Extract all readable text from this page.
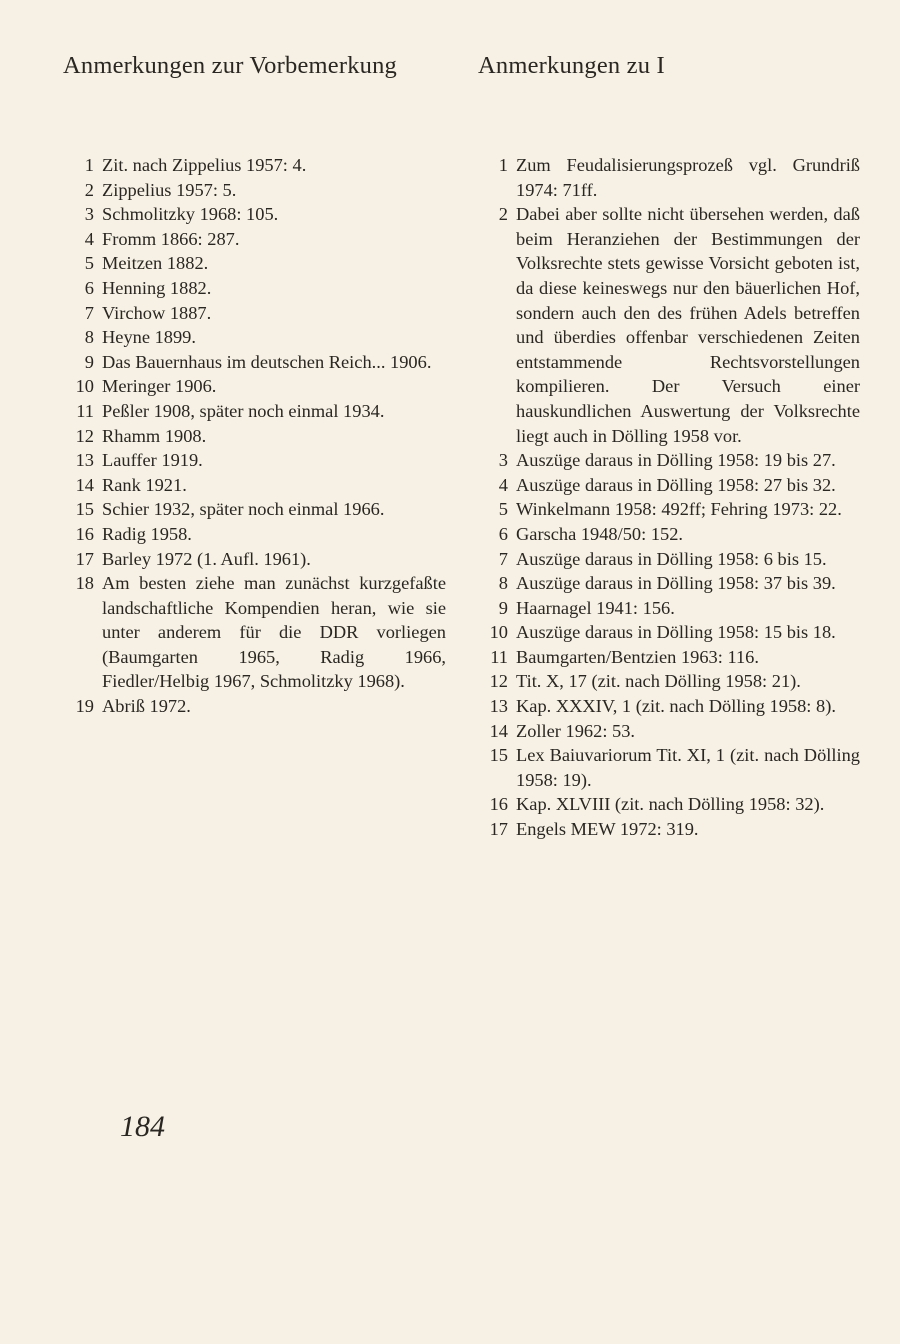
Anmerkungen zur Vorbemerkung	Anmerkungen zu I
1 Zit. nach Zippelius 1957: 4.
2 Zippelius 1957: 5.
3 Schmolitzky 1968: 105.
4 Fromm 1866: 287.
5 Meitzen 1882.
6 Henning 1882.
7 Virchow 1887.
8 Heyne 1899.
9 Das Bauernhaus im deutschen Reich... 1906.
10 Meringer 1906.
11 Peßler 1908, später noch einmal 1934.
12 Rhamm 1908.
13 Lauffer 1919.
14 Rank 1921.
15 Schier 1932, später noch einmal 1966.
16 Radig 1958.
17 Barley 1972 (1. Aufl. 1961).
18 Am besten ziehe man zunächst kurzgefaßte landschaftliche Kompendien heran, wie sie unter anderem für die DDR vorliegen (Baumgarten 1965, Radig 1966, Fiedler/Helbig 1967, Schmolitzky 1968).
19 Abriß 1972.
1 Zum Feudalisierungsprozeß vgl. Grundriß 1974: 71ff.
2 Dabei aber sollte nicht übersehen werden, daß beim Heranziehen der Bestimmungen der Volksrechte stets gewisse Vorsicht geboten ist, da diese keineswegs nur den bäuerlichen Hof, sondern auch den des frühen Adels betreffen und überdies offenbar verschiedenen Zeiten entstammende Rechtsvorstellungen kompilieren. Der Versuch einer hauskundlichen Auswertung der Volksrechte liegt auch in Dölling 1958 vor.
3 Auszüge daraus in Dölling 1958: 19 bis 27.
4 Auszüge daraus in Dölling 1958: 27 bis 32.
5 Winkelmann 1958: 492ff; Fehring 1973: 22.
6 Garscha 1948/50: 152.
7 Auszüge daraus in Dölling 1958: 6 bis 15.
8 Auszüge daraus in Dölling 1958: 37 bis 39.
9 Haarnagel 1941: 156.
10 Auszüge daraus in Dölling 1958: 15 bis 18.
11 Baumgarten/Bentzien 1963: 116.
12 Tit. X, 17 (zit. nach Dölling 1958: 21).
13 Kap. XXXIV, 1 (zit. nach Dölling 1958: 8).
14 Zoller 1962: 53.
15 Lex Baiuvariorum Tit. XI, 1 (zit. nach Dölling 1958: 19).
16 Kap. XLVIII (zit. nach Dölling 1958: 32).
17 Engels MEW 1972: 319.
184
